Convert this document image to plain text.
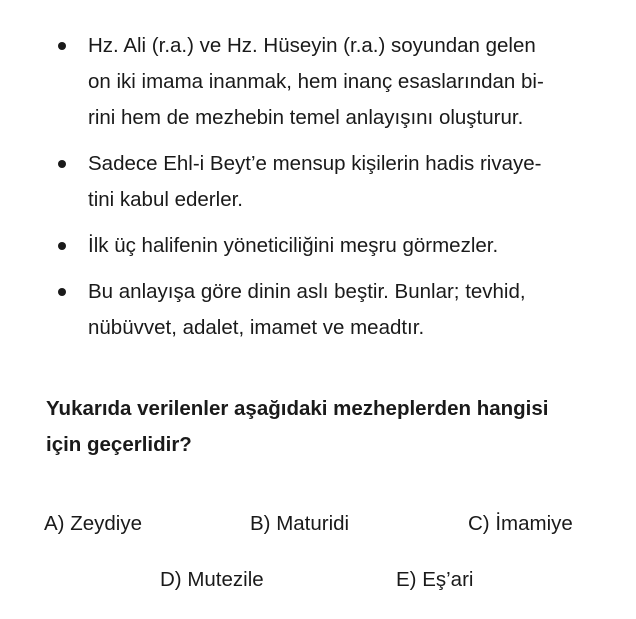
Hz. Ali (r.a.) ve Hz. Hüseyin (r.a.) soyundan gelen
on iki imama inanmak, hem inanç esaslarından bi-
rini hem de mezhebin temel anlayışını oluşturur.
Sadece Ehl-i Beyt’e mensup kişilerin hadis rivaye-
tini kabul ederler.
İlk üç halifenin yöneticiliğini meşru görmezler.
Bu anlayışa göre dinin aslı beştir. Bunlar; tevhid,
nübüvvet, adalet, imamet ve meadtır.
Yukarıda verilenler aşağıdaki mezheplerden hangisi
için geçerlidir?
A) Zeydiye	B) Maturidi	C) İmamiye
D) Mutezile	E) Eş’ari
